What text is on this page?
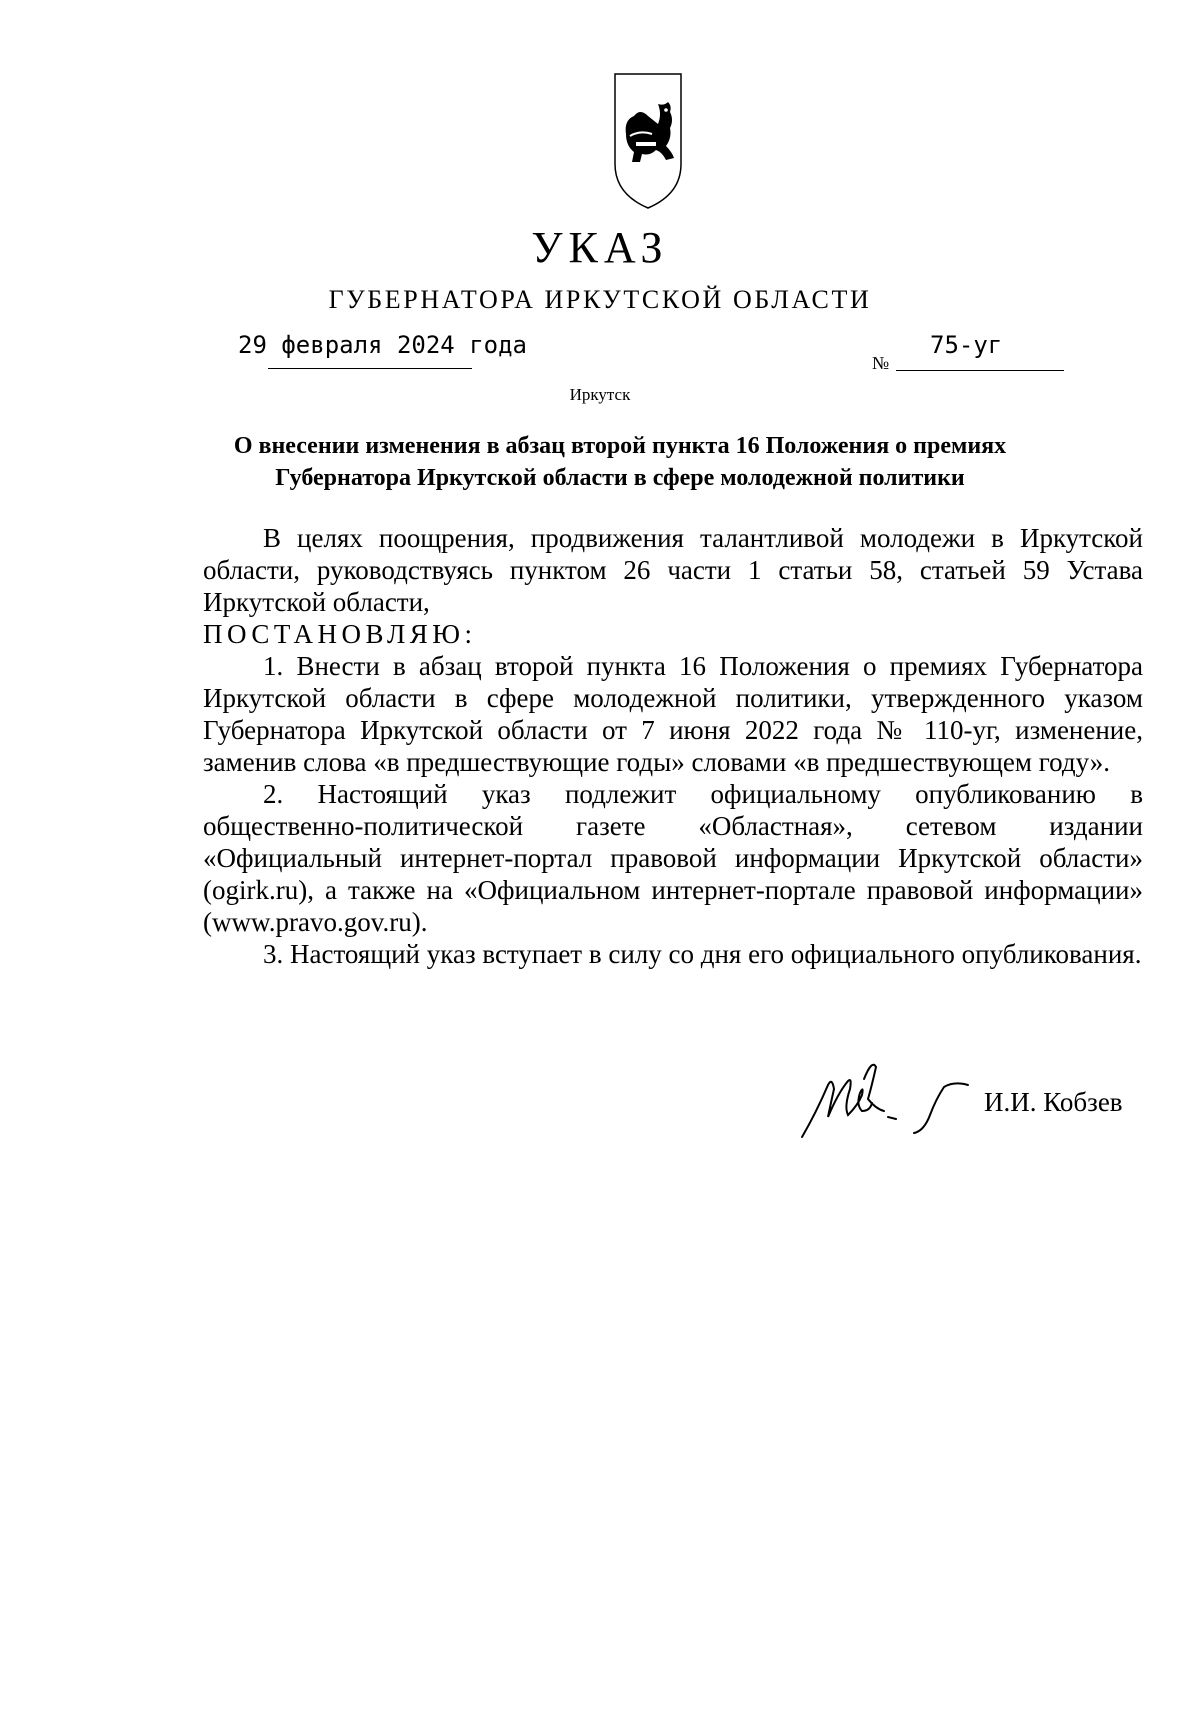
УКАЗ
ГУБЕРНАТОРА ИРКУТСКОЙ ОБЛАСТИ
29 февраля 2024 года
№
75-уг
Иркутск
О внесении изменения в абзац второй пункта 16 Положения о премиях
Губернатора Иркутской области в сфере молодежной политики

В целях поощрения, продвижения талантливой молодежи в Иркутской области, руководствуясь пунктом 26 части 1 статьи 58, статьей 59 Устава Иркутской области,

ПОСТАНОВЛЯЮ:

1. Внести в абзац второй пункта 16 Положения о премиях Губернатора Иркутской области в сфере молодежной политики, утвержденного указом Губернатора Иркутской области от 7 июня 2022 года № 110-уг, изменение, заменив слова «в предшествующие годы» словами «в предшествующем году».

2. Настоящий указ подлежит официальному опубликованию в общественно-политической газете «Областная», сетевом издании «Официальный интернет-портал правовой информации Иркутской области» (ogirk.ru), а также на «Официальном интернет-портале правовой информации» (www.pravo.gov.ru).

3. Настоящий указ вступает в силу со дня его официального опубликования.

И.И. Кобзев
